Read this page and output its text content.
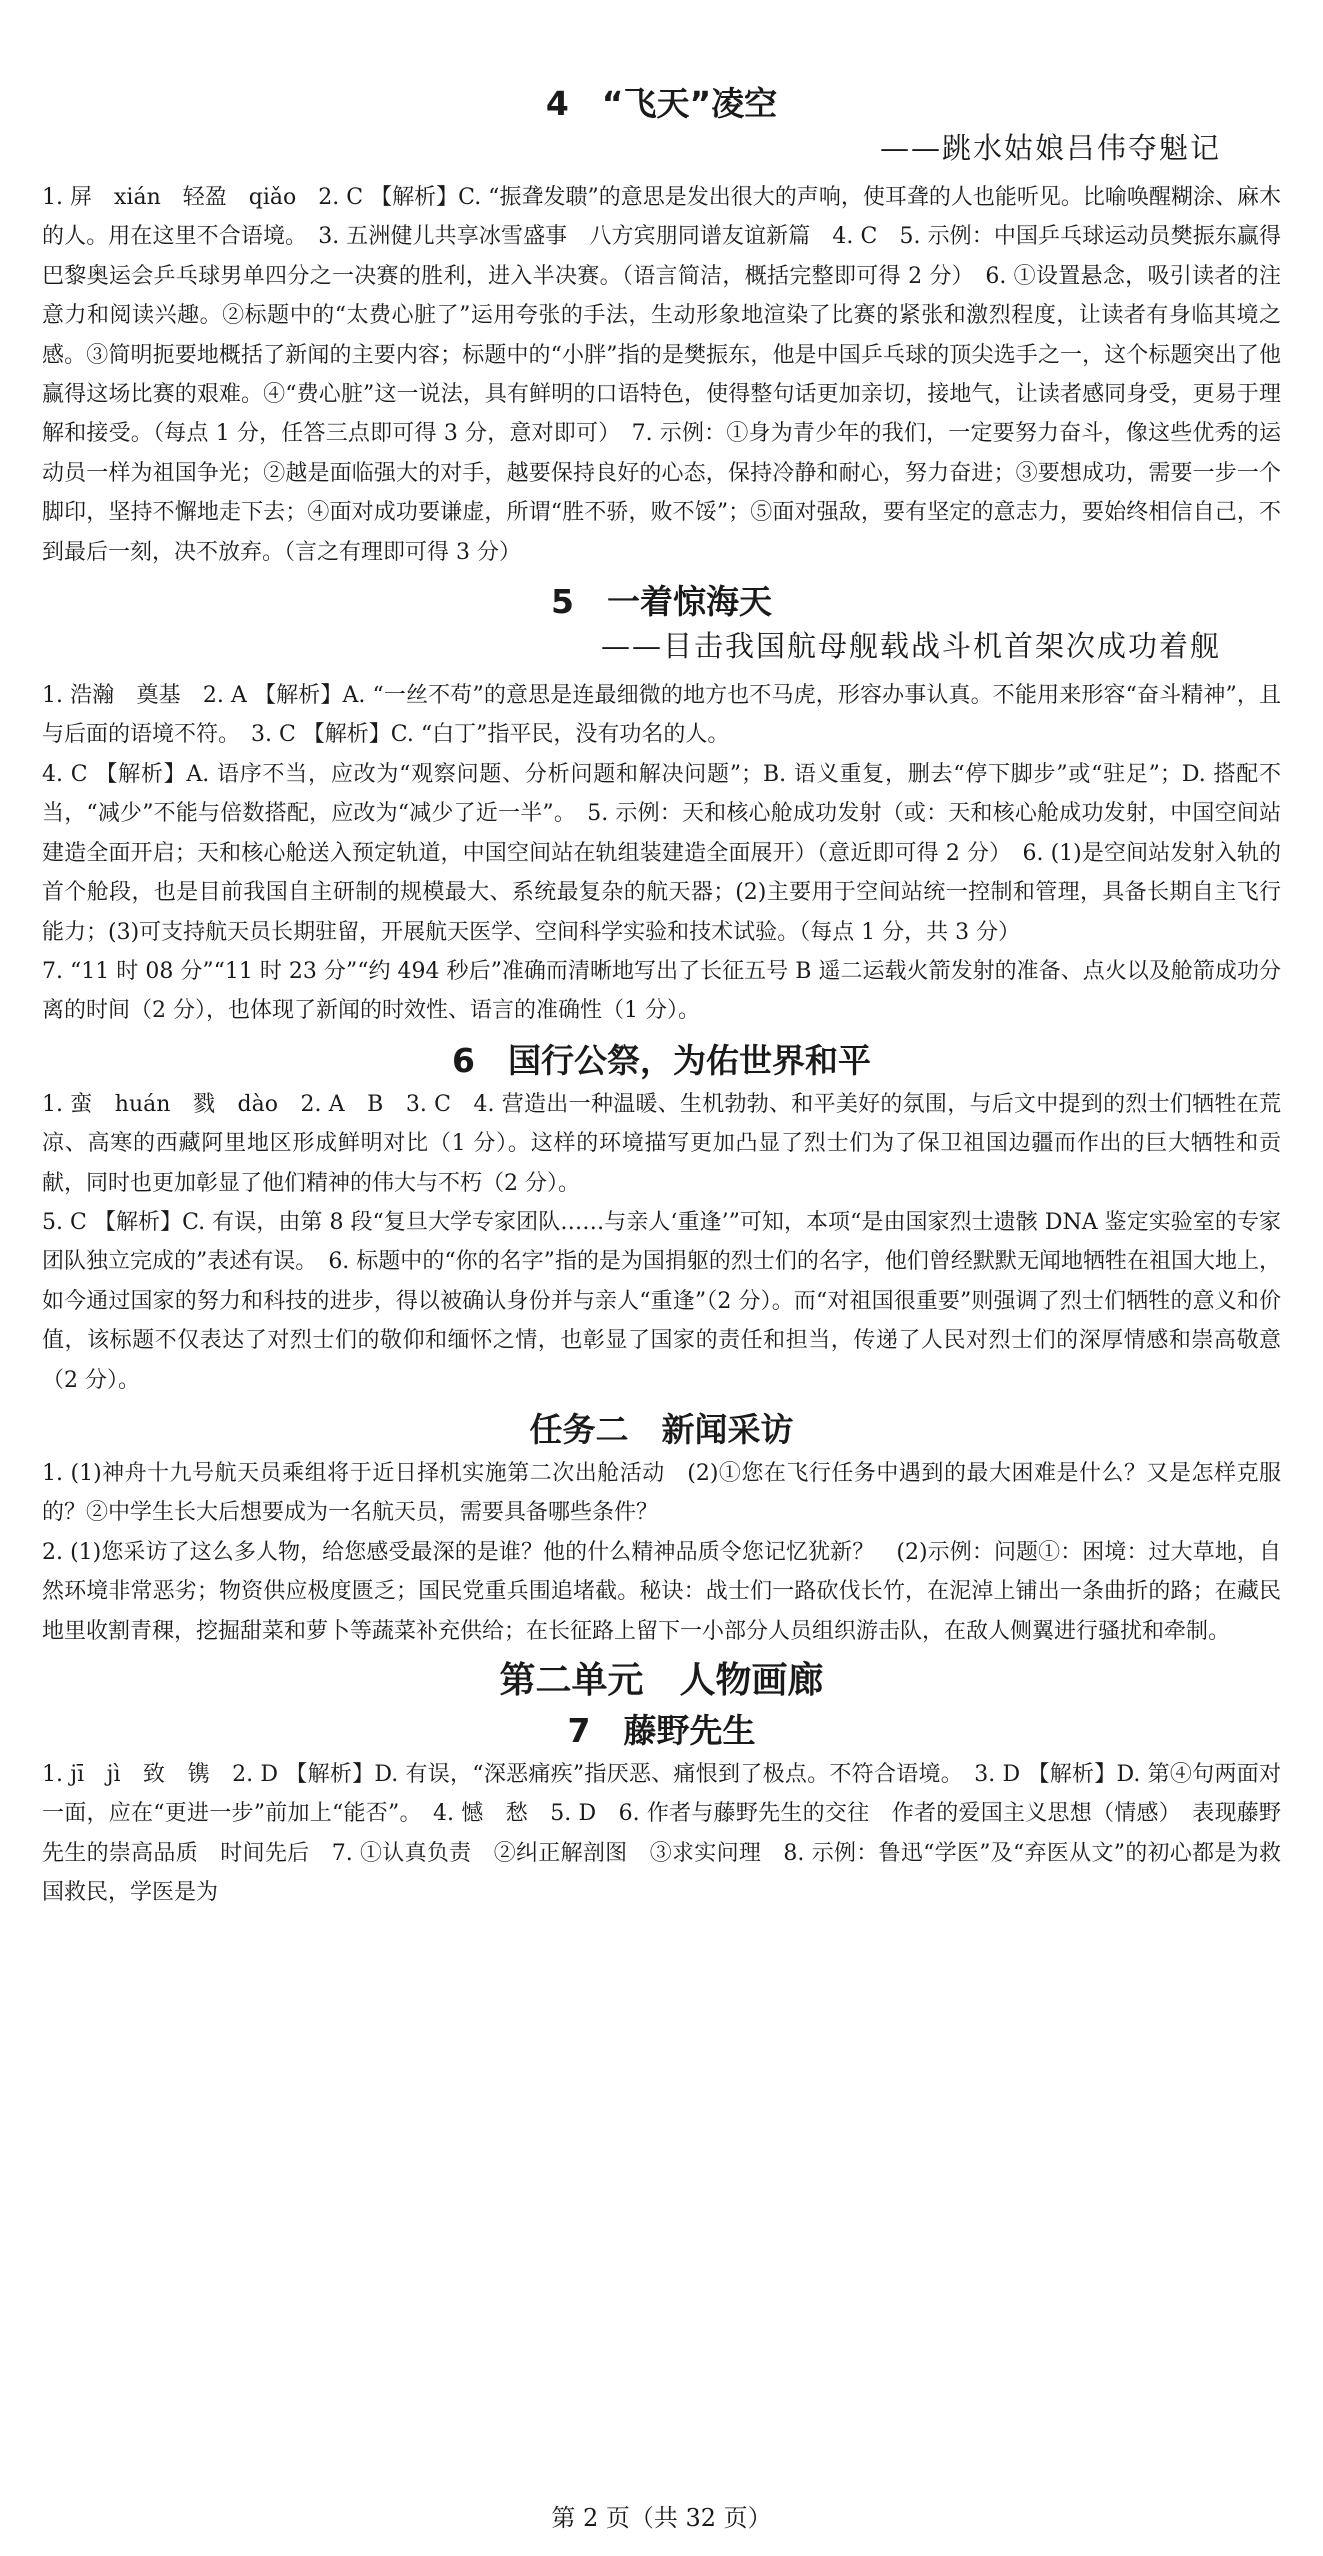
4　“飞天”凌空
——跳水姑娘吕伟夺魁记

1. 屏　xián　轻盈　qiǎo　2. C 【解析】C. “振聋发聩”的意思是发出很大的声响，使耳聋的人也能听见。比喻唤醒糊涂、麻木的人。用在这里不合语境。　3. 五洲健儿共享冰雪盛事　八方宾朋同谱友谊新篇　4. C　5. 示例：中国乒乓球运动员樊振东赢得巴黎奥运会乒乓球男单四分之一决赛的胜利，进入半决赛。（语言简洁，概括完整即可得 2 分）　6. ①设置悬念，吸引读者的注意力和阅读兴趣。②标题中的“太费心脏了”运用夸张的手法，生动形象地渲染了比赛的紧张和激烈程度，让读者有身临其境之感。③简明扼要地概括了新闻的主要内容；标题中的“小胖”指的是樊振东，他是中国乒乓球的顶尖选手之一，这个标题突出了他赢得这场比赛的艰难。④“费心脏”这一说法，具有鲜明的口语特色，使得整句话更加亲切，接地气，让读者感同身受，更易于理解和接受。（每点 1 分，任答三点即可得 3 分，意对即可）　7. 示例：①身为青少年的我们，一定要努力奋斗，像这些优秀的运动员一样为祖国争光；②越是面临强大的对手，越要保持良好的心态，保持冷静和耐心，努力奋进；③要想成功，需要一步一个脚印，坚持不懈地走下去；④面对成功要谦虚，所谓“胜不骄，败不馁”；⑤面对强敌，要有坚定的意志力，要始终相信自己，不到最后一刻，决不放弃。（言之有理即可得 3 分）

5　一着惊海天
——目击我国航母舰载战斗机首架次成功着舰

1. 浩瀚　奠基　2. A 【解析】A. “一丝不苟”的意思是连最细微的地方也不马虎，形容办事认真。不能用来形容“奋斗精神”，且与后面的语境不符。　3. C 【解析】C. “白丁”指平民，没有功名的人。

4. C 【解析】A. 语序不当，应改为“观察问题、分析问题和解决问题”；B. 语义重复，删去“停下脚步”或“驻足”；D. 搭配不当，“减少”不能与倍数搭配，应改为“减少了近一半”。　5. 示例：天和核心舱成功发射（或：天和核心舱成功发射，中国空间站建造全面开启；天和核心舱送入预定轨道，中国空间站在轨组装建造全面展开）（意近即可得 2 分）　6. (1)是空间站发射入轨的首个舱段，也是目前我国自主研制的规模最大、系统最复杂的航天器；(2)主要用于空间站统一控制和管理，具备长期自主飞行能力；(3)可支持航天员长期驻留，开展航天医学、空间科学实验和技术试验。（每点 1 分，共 3 分）

7. “11 时 08 分”“11 时 23 分”“约 494 秒后”准确而清晰地写出了长征五号 B 遥二运载火箭发射的准备、点火以及舱箭成功分离的时间（2 分），也体现了新闻的时效性、语言的准确性（1 分）。

6　国行公祭，为佑世界和平

1. 蛮　huán　戮　dào　2. A　B　3. C　4. 营造出一种温暖、生机勃勃、和平美好的氛围，与后文中提到的烈士们牺牲在荒凉、高寒的西藏阿里地区形成鲜明对比（1 分）。这样的环境描写更加凸显了烈士们为了保卫祖国边疆而作出的巨大牺牲和贡献，同时也更加彰显了他们精神的伟大与不朽（2 分）。

5. C 【解析】C. 有误，由第 8 段“复旦大学专家团队……与亲人‘重逢’”可知，本项“是由国家烈士遗骸 DNA 鉴定实验室的专家团队独立完成的”表述有误。　6. 标题中的“你的名字”指的是为国捐躯的烈士们的名字，他们曾经默默无闻地牺牲在祖国大地上，如今通过国家的努力和科技的进步，得以被确认身份并与亲人“重逢”（2 分）。而“对祖国很重要”则强调了烈士们牺牲的意义和价值，该标题不仅表达了对烈士们的敬仰和缅怀之情，也彰显了国家的责任和担当，传递了人民对烈士们的深厚情感和崇高敬意（2 分）。

任务二　新闻采访

1. (1)神舟十九号航天员乘组将于近日择机实施第二次出舱活动　(2)①您在飞行任务中遇到的最大困难是什么？又是怎样克服的？②中学生长大后想要成为一名航天员，需要具备哪些条件？

2. (1)您采访了这么多人物，给您感受最深的是谁？他的什么精神品质令您记忆犹新？　(2)示例：问题①：困境：过大草地，自然环境非常恶劣；物资供应极度匮乏；国民党重兵围追堵截。秘诀：战士们一路砍伐长竹，在泥淖上铺出一条曲折的路；在藏民地里收割青稞，挖掘甜菜和萝卜等蔬菜补充供给；在长征路上留下一小部分人员组织游击队，在敌人侧翼进行骚扰和牵制。

第二单元　人物画廊
7　藤野先生

1. jī　jì　致　镌　2. D 【解析】D. 有误，“深恶痛疾”指厌恶、痛恨到了极点。不符合语境。　3. D 【解析】D. 第④句两面对一面，应在“更进一步”前加上“能否”。　4. 憾　愁　5. D　6. 作者与藤野先生的交往　作者的爱国主义思想（情感）　表现藤野先生的崇高品质　时间先后　7. ①认真负责　②纠正解剖图　③求实问理　8. 示例：鲁迅“学医”及“弃医从文”的初心都是为救国救民，学医是为

第 2 页（共 32 页）
